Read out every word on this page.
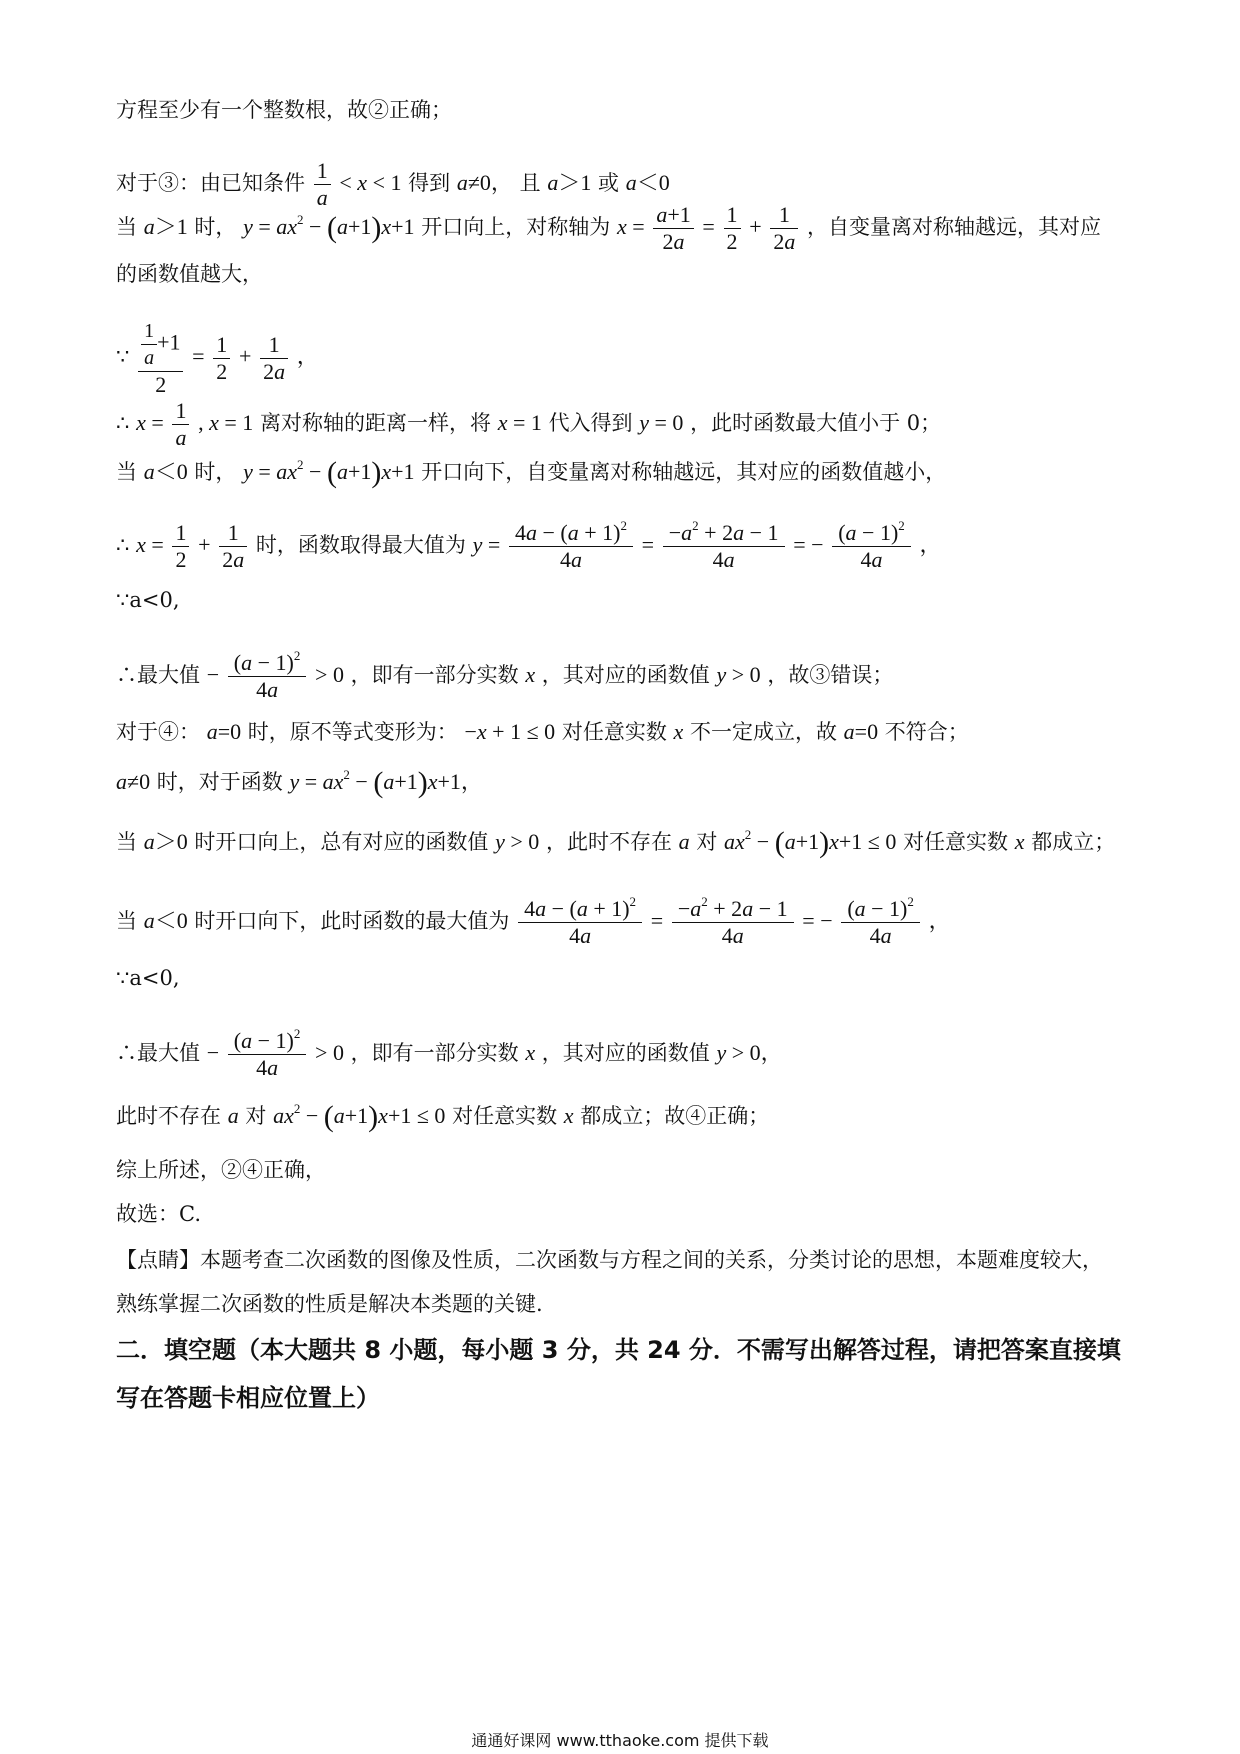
方程至少有一个整数根，故②正确；
对于③：由已知条件 $\frac{1}{a} < x < 1$ 得到 a≠0， 且 a＞1 或 a＜0
当 a＞1 时， $y = ax^2 - (a+1)x+1$ 开口向上，对称轴为 $x = \frac{a+1}{2a} = \frac{1}{2} + \frac{1}{2a}$ ，自变量离对称轴越远，其对应
的函数值越大，
∵ $\frac{\frac{1}{a} +1}{2} = \frac{1}{2} + \frac{1}{2a}$ ，
∴ $x = \frac{1}{a}$ , x = 1 离对称轴的距离一样，将 x = 1 代入得到 y = 0 ，此时函数最大值小于 0；
当 a＜0 时， $y = ax^2 - (a+1)x+1$ 开口向下，自变量离对称轴越远，其对应的函数值越小，
∴ $x = \frac{1}{2} + \frac{1}{2a}$ 时，函数取得最大值为 $y = \frac{4a - (a + 1)^2}{4a} = \frac{-a^2 + 2a - 1}{4a}$ = − $\frac{(a - 1)^2}{4a}$ ，
∵a<0,
∴最大值 − $\frac{(a - 1)^2}{4a} > 0$ ，即有一部分实数 x ，其对应的函数值 y > 0 ，故③错误；
对于④： a=0 时，原不等式变形为： −x + 1 ≤ 0 对任意实数 x 不一定成立，故 a=0 不符合；
a≠0 时，对于函数 $y = ax^2 - (a+1)x+1$，
当 a＞0 时开口向上，总有对应的函数值 y > 0 ，此时不存在 a 对 $ax^2 - (a+1)x+1 \le 0$ 对任意实数 x 都成立；
当 a＜0 时开口向下，此时函数的最大值为 $\frac{4a - (a + 1)^2}{4a} = \frac{-a^2 + 2a - 1}{4a}$ = − $\frac{(a - 1)^2}{4a}$ ，
∵a<0,
∴最大值 − $\frac{(a - 1)^2}{4a} > 0$ ，即有一部分实数 x ，其对应的函数值 y > 0，
此时不存在 a 对 $ax^2 - (a+1)x+1 \le 0$ 对任意实数 x 都成立；故④正确；
综上所述，②④正确，
故选：C.
【点睛】本题考查二次函数的图像及性质，二次函数与方程之间的关系，分类讨论的思想，本题难度较大，
熟练掌握二次函数的性质是解决本类题的关键.
二．填空题（本大题共 8 小题，每小题 3 分，共 24 分．不需写出解答过程，请把答案直接填写在答题卡相应位置上）
通通好课网 www.tthaoke.com 提供下载
